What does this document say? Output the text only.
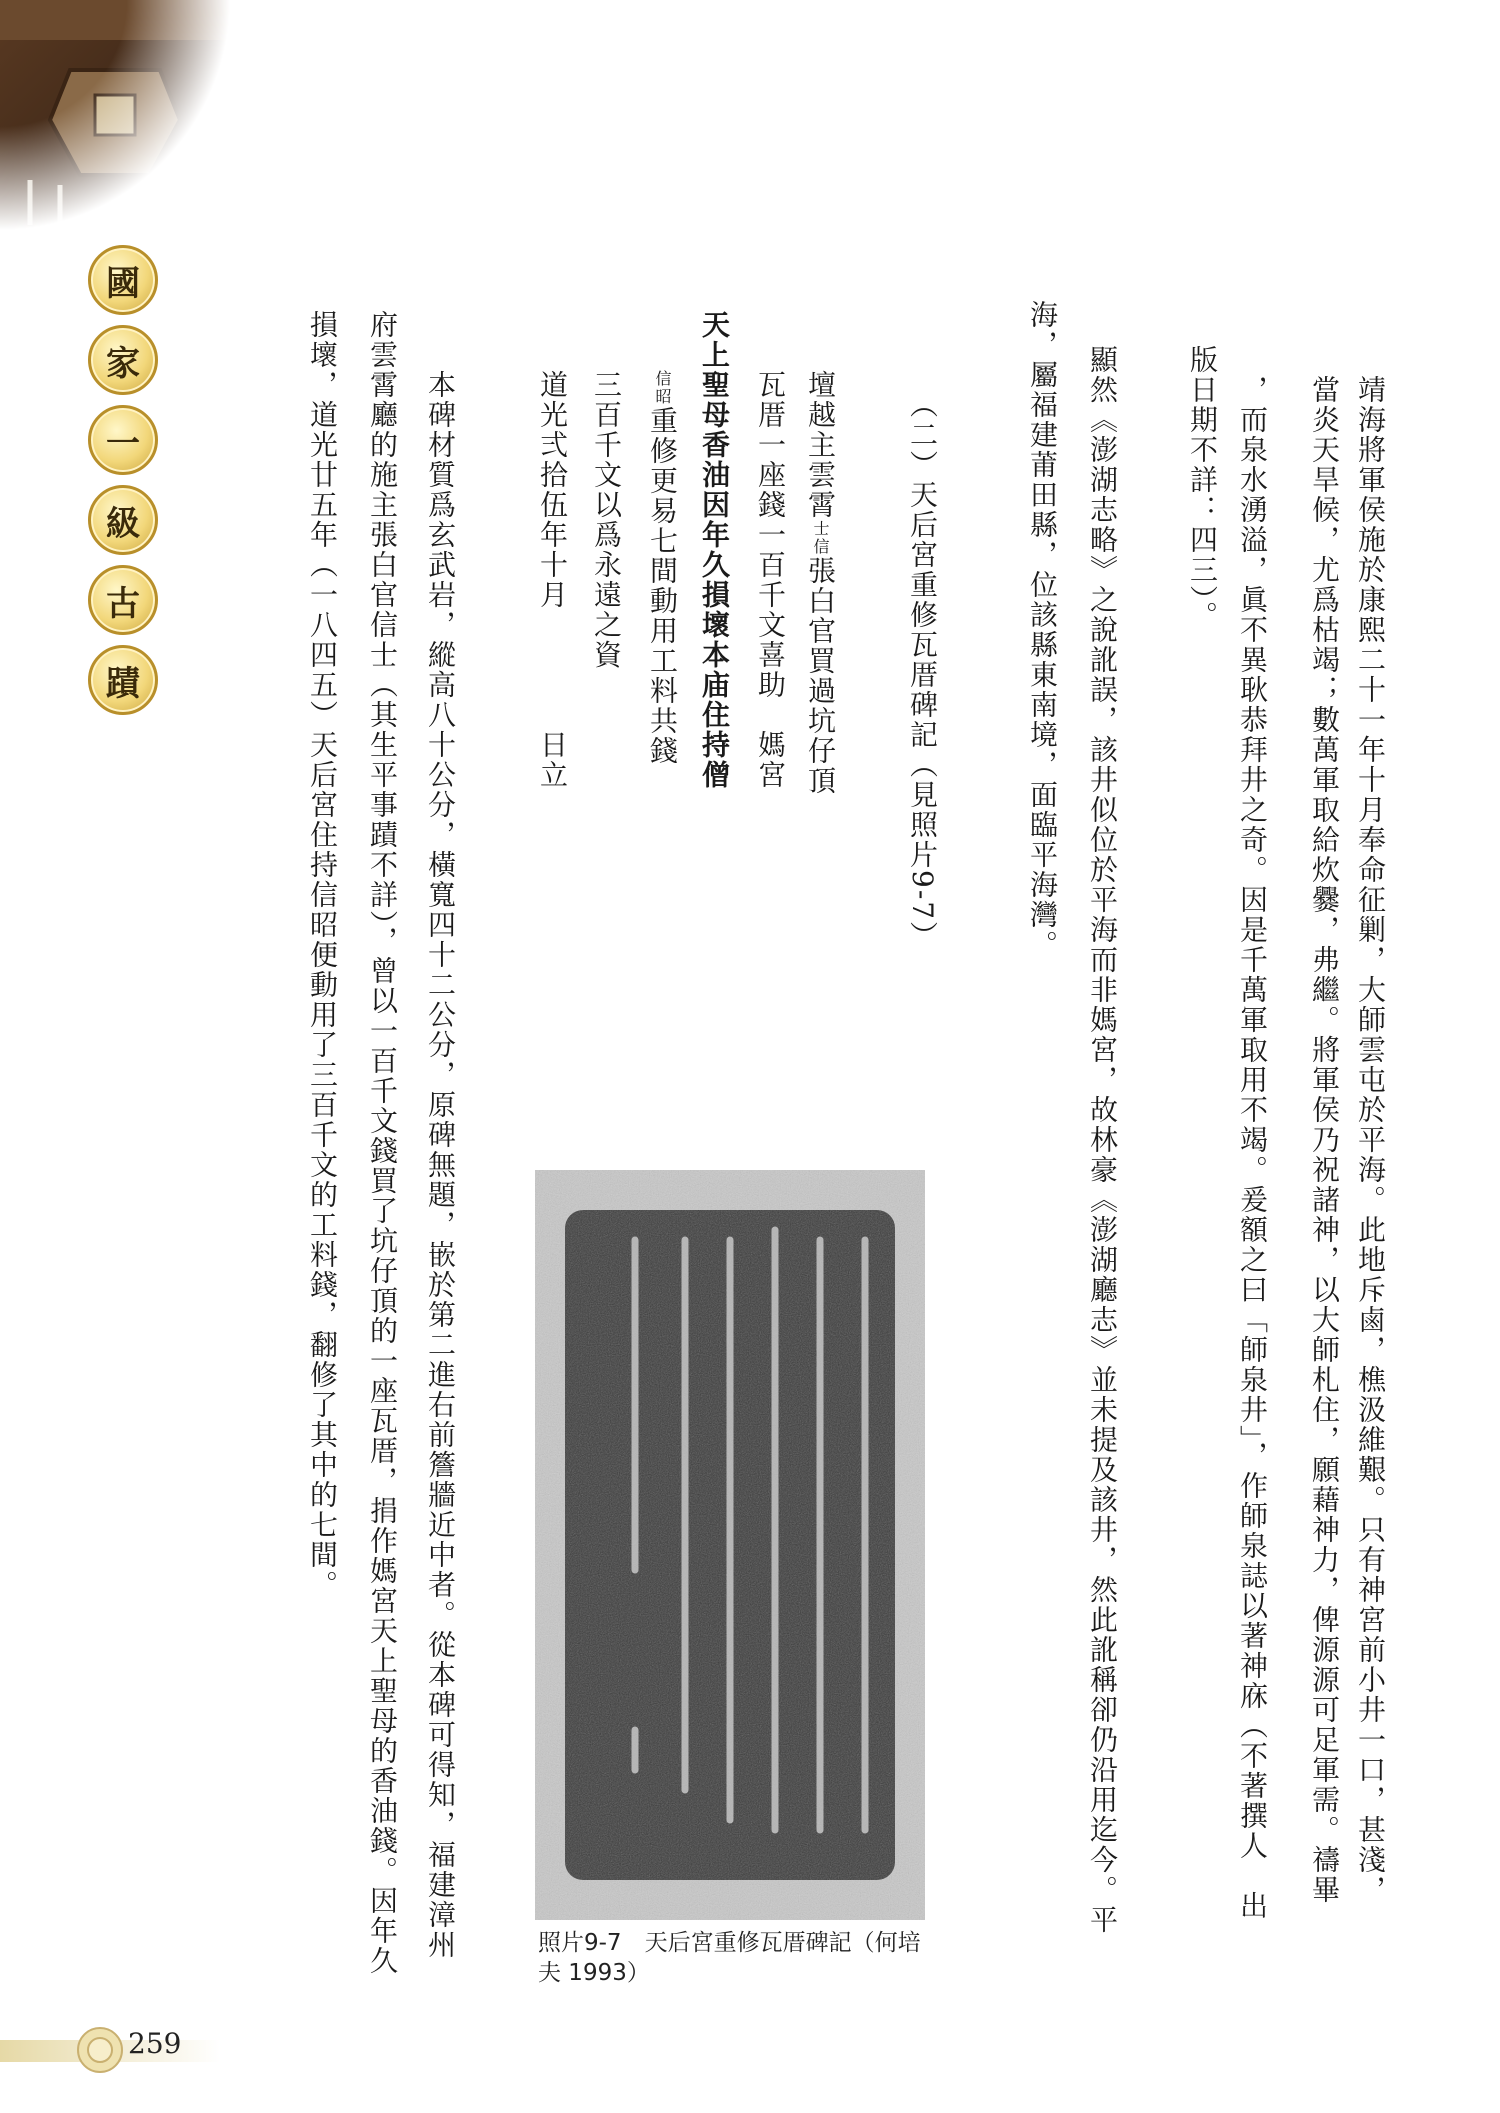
國
家
一
級
古
蹟	靖海將軍侯施於康熙二十一年十月奉命征剿，大師雲屯於平海。此地斥鹵，樵汲維艱。只有神宮前小井一口，甚淺，
當炎天旱候，尤爲枯竭；數萬軍取給炊爨，弗繼。將軍侯乃祝諸神，以大師札住，願藉神力，俾源源可足軍需。禱畢
，而泉水湧溢，眞不異耿恭拜井之奇。因是千萬軍取用不竭。爰額之曰「師泉井」，作師泉誌以著神庥（不著撰人　出
版日期不詳：四三）。
顯然《澎湖志略》之說訛誤，該井似位於平海而非媽宮，故林豪《澎湖廳志》並未提及該井，然此訛稱卻仍沿用迄今。平
海，屬福建莆田縣，位該縣東南境，面臨平海灣。
（二）天后宮重修瓦厝碑記（見照片9-7）
壇越主雲霄士信張白官買過坑仔頂
瓦厝一座錢一百千文喜助　媽宮
天上聖母香油因年久損壞本庙住持僧
信昭重修更易七間動用工料共錢
三百千文以爲永遠之資
道光弍拾伍年十月日立
本碑材質爲玄武岩，縱高八十公分，橫寬四十二公分，原碑無題，嵌於第二進右前簷牆近中者。從本碑可得知，福建漳州
府雲霄廳的施主張白官信士（其生平事蹟不詳），曾以一百千文錢買了坑仔頂的一座瓦厝，捐作媽宮天上聖母的香油錢。因年久
損壞，道光廿五年（一八四五）天后宮住持信昭便動用了三百千文的工料錢，翻修了其中的七間。
照片9-7　天后宮重修瓦厝碑記（何培夫 1993）
259
